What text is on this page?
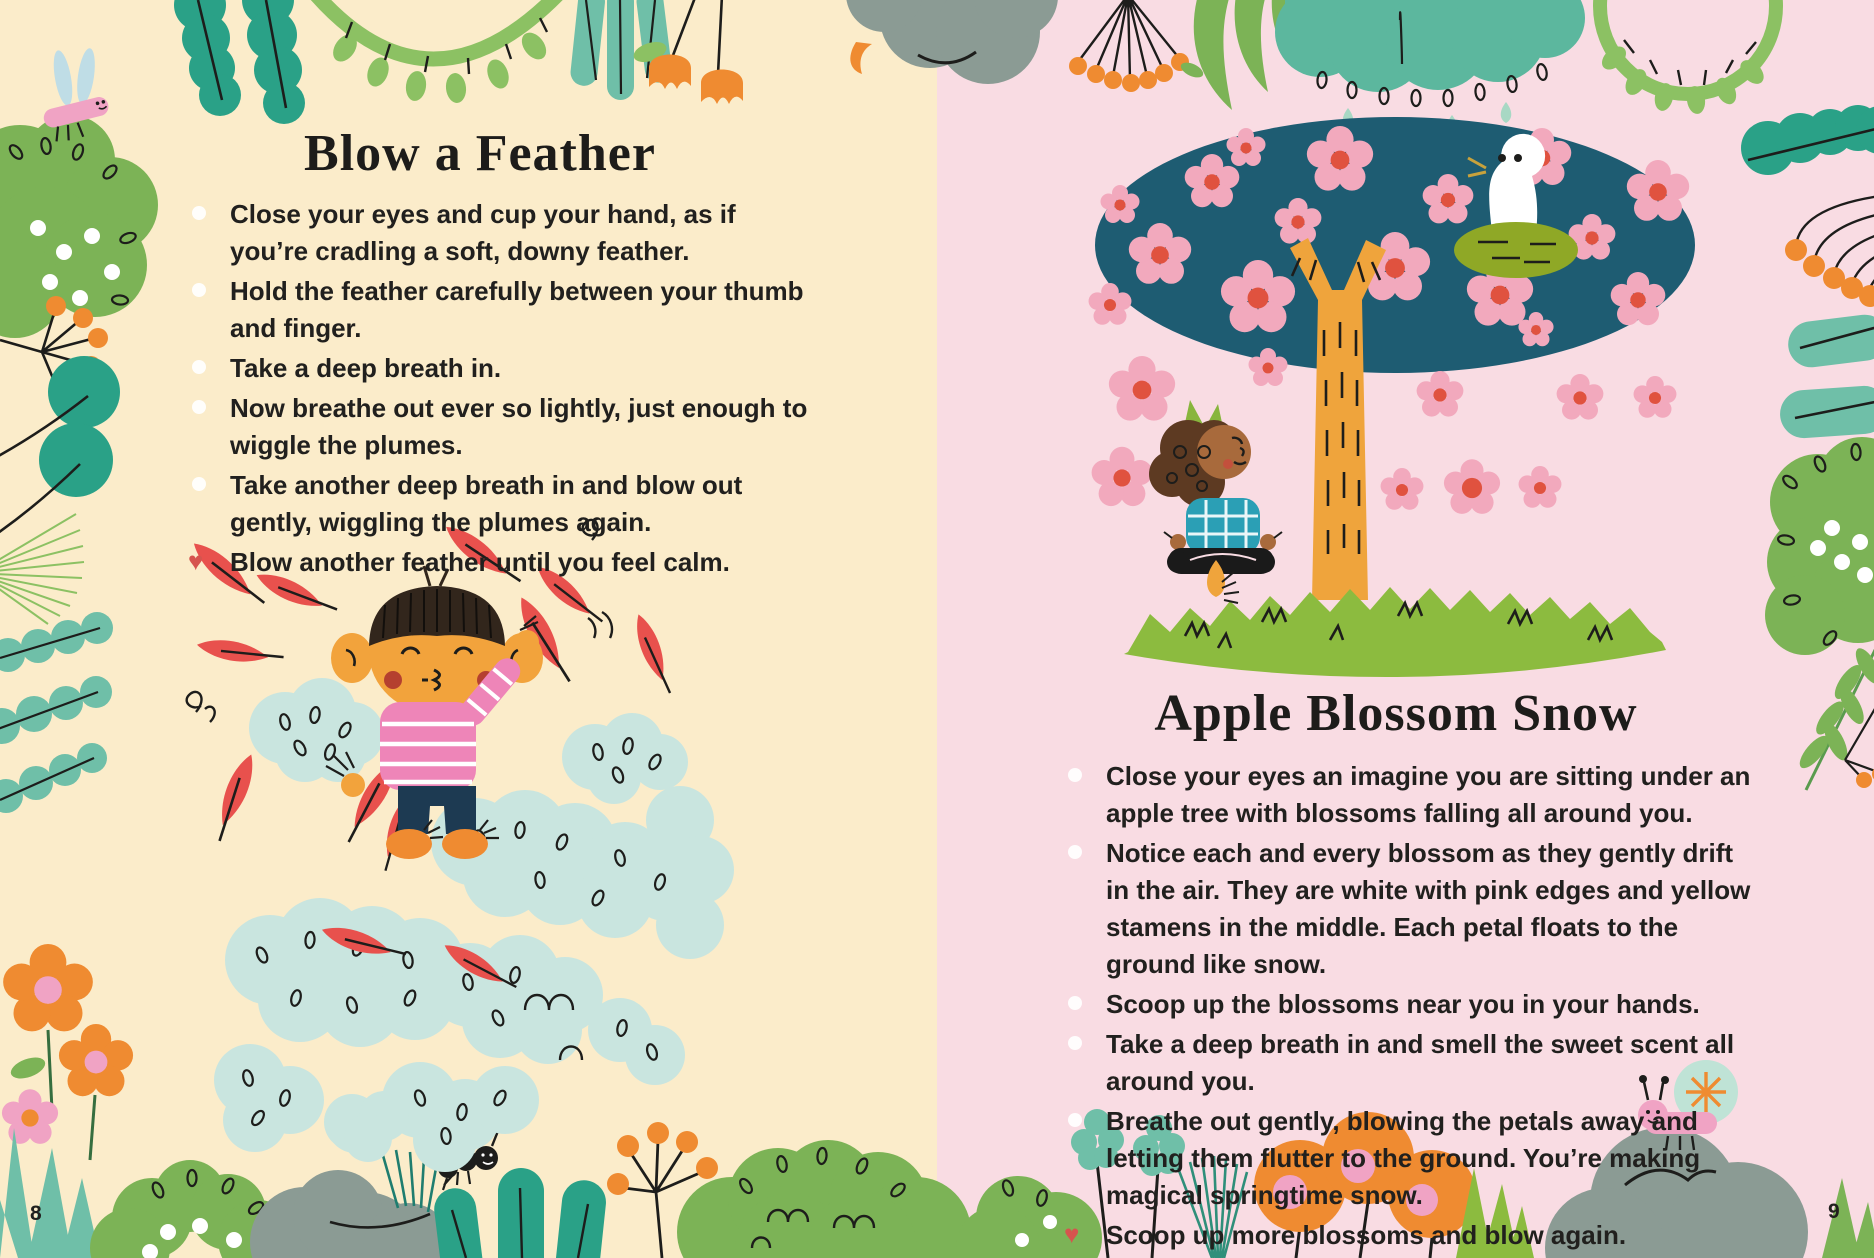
Blow a Feather
Close your eyes and cup your hand, as if you’re cradling a soft, downy feather.
Hold the feather carefully between your thumb and finger.
Take a deep breath in.
Now breathe out ever so lightly, just enough to wiggle the plumes.
Take another deep breath in and blow out gently, wiggling the plumes again.
♥ Blow another feather until you feel calm.
Apple Blossom Snow
Close your eyes an imagine you are sitting under an apple tree with blossoms falling all around you.
Notice each and every blossom as they gently drift in the air. They are white with pink edges and yellow stamens in the middle. Each petal floats to the ground like snow.
Scoop up the blossoms near you in your hands.
Take a deep breath in and smell the sweet scent all around you.
Breathe out gently, blowing the petals away and letting them flutter to the ground. You’re making magical springtime snow.
♥ Scoop up more blossoms and blow again.
8	9
